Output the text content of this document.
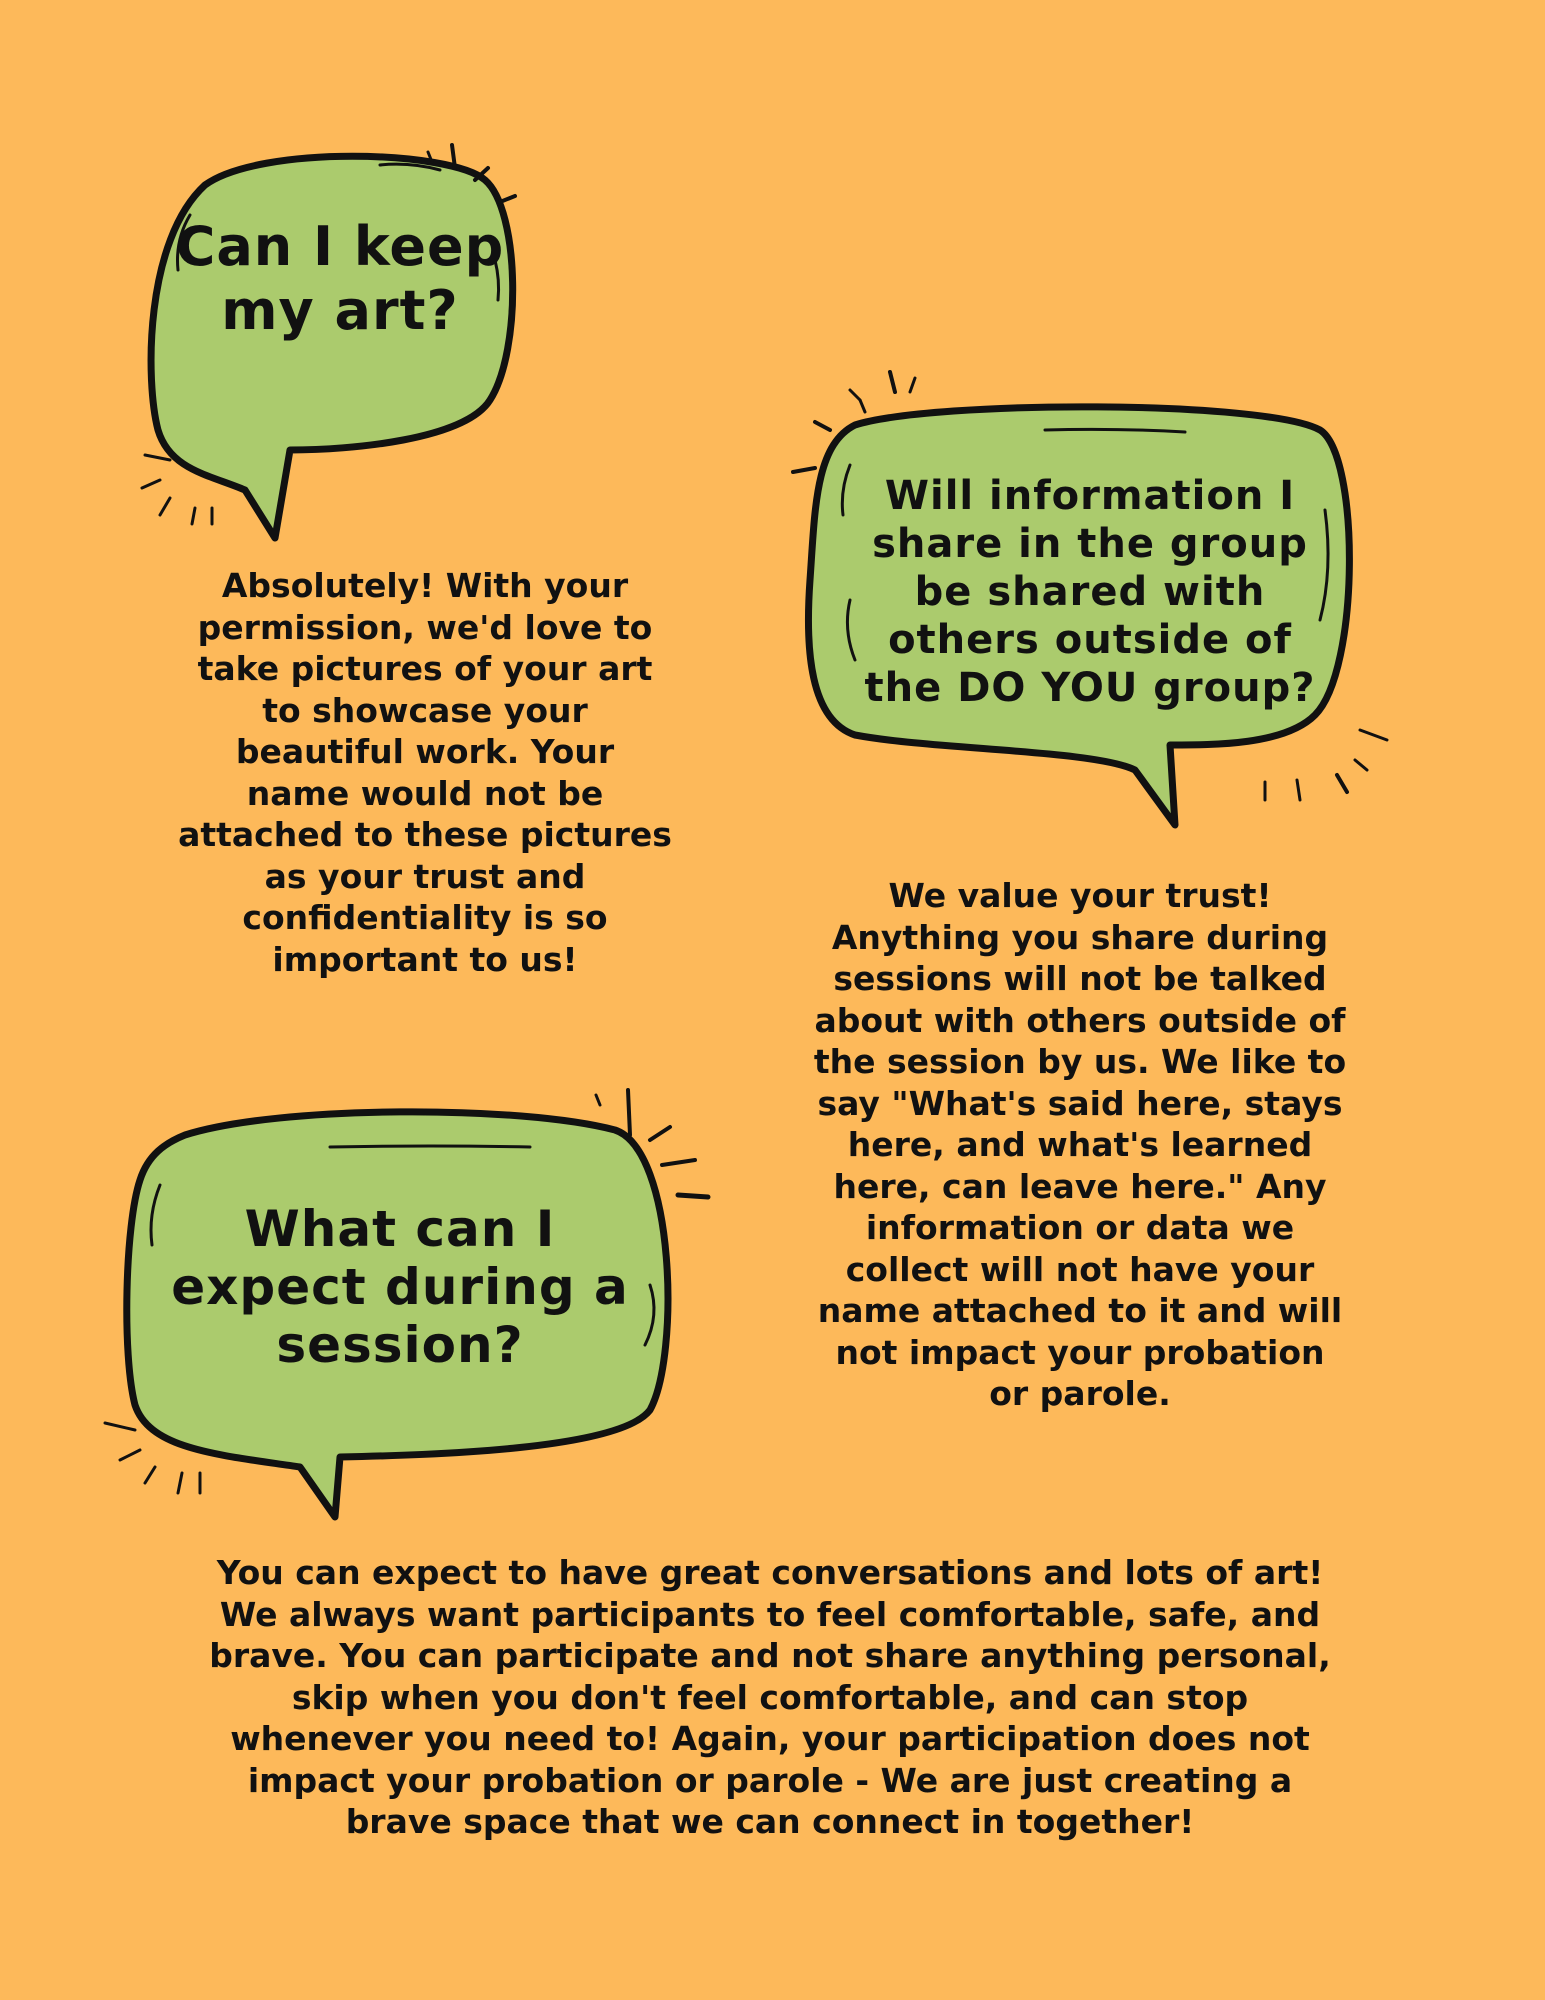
Can I keep
my art?
Absolutely! With your
permission, we'd love to
take pictures of your art
to showcase your
beautiful work. Your
name would not be
attached to these pictures
as your trust and
confidentiality is so
important to us!
Will information I
share in the group
be shared with
others outside of
the DO YOU group?
We value your trust!
Anything you share during
sessions will not be talked
about with others outside of
the session by us. We like to
say "What's said here, stays
here, and what's learned
here, can leave here." Any
information or data we
collect will not have your
name attached to it and will
not impact your probation
or parole.
What can I
expect during a
session?
You can expect to have great conversations and lots of art!
We always want participants to feel comfortable, safe, and
brave. You can participate and not share anything personal,
skip when you don't feel comfortable, and can stop
whenever you need to! Again, your participation does not
impact your probation or parole - We are just creating a
brave space that we can connect in together!
